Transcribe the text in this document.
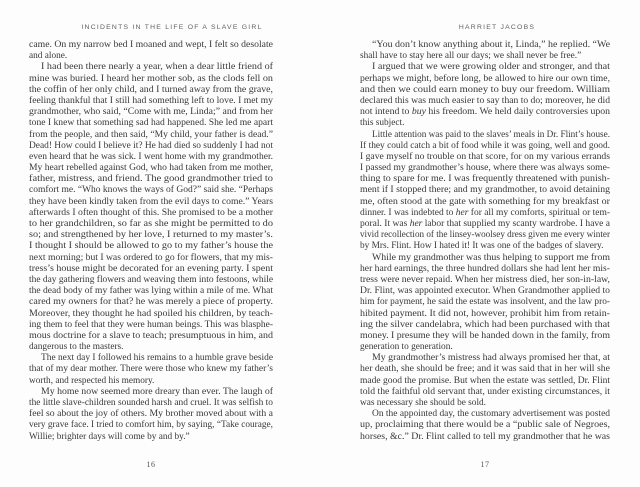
INCIDENTS IN THE LIFE OF A SLAVE GIRL	HARRIET JACOBS
came. On my narrow bed I moaned and wept, I felt so desolate
and alone.
I had been there nearly a year, when a dear little friend of
mine was buried. I heard her mother sob, as the clods fell on
the coffin of her only child, and I turned away from the grave,
feeling thankful that I still had something left to love. I met my
grandmother, who said, “Come with me, Linda;” and from her
tone I knew that something sad had happened. She led me apart
from the people, and then said, “My child, your father is dead.”
Dead! How could I believe it? He had died so suddenly I had not
even heard that he was sick. I went home with my grandmother.
My heart rebelled against God, who had taken from me mother,
father, mistress, and friend. The good grandmother tried to
comfort me. “Who knows the ways of God?” said she. “Perhaps
they have been kindly taken from the evil days to come.” Years
afterwards I often thought of this. She promised to be a mother
to her grandchildren, so far as she might be permitted to do
so; and strengthened by her love, I returned to my master’s.
I thought I should be allowed to go to my father’s house the
next morning; but I was ordered to go for flowers, that my mis-
tress’s house might be decorated for an evening party. I spent
the day gathering flowers and weaving them into festoons, while
the dead body of my father was lying within a mile of me. What
cared my owners for that? he was merely a piece of property.
Moreover, they thought he had spoiled his children, by teach-
ing them to feel that they were human beings. This was blasphe-
mous doctrine for a slave to teach; presumptuous in him, and
dangerous to the masters.
The next day I followed his remains to a humble grave beside
that of my dear mother. There were those who knew my father’s
worth, and respected his memory.
My home now seemed more dreary than ever. The laugh of
the little slave-children sounded harsh and cruel. It was selfish to
feel so about the joy of others. My brother moved about with a
very grave face. I tried to comfort him, by saying, “Take courage,
Willie; brighter days will come by and by.”
“You don’t know anything about it, Linda,” he replied. “We
shall have to stay here all our days; we shall never be free.”
I argued that we were growing older and stronger, and that
perhaps we might, before long, be allowed to hire our own time,
and then we could earn money to buy our freedom. William
declared this was much easier to say than to do; moreover, he did
not intend to buy his freedom. We held daily controversies upon
this subject.
Little attention was paid to the slaves’ meals in Dr. Flint’s house.
If they could catch a bit of food while it was going, well and good.
I gave myself no trouble on that score, for on my various errands
I passed my grandmother’s house, where there was always some-
thing to spare for me. I was frequently threatened with punish-
ment if I stopped there; and my grandmother, to avoid detaining
me, often stood at the gate with something for my breakfast or
dinner. I was indebted to her for all my comforts, spiritual or tem-
poral. It was her labor that supplied my scanty wardrobe. I have a
vivid recollection of the linsey-woolsey dress given me every winter
by Mrs. Flint. How I hated it! It was one of the badges of slavery.
While my grandmother was thus helping to support me from
her hard earnings, the three hundred dollars she had lent her mis-
tress were never repaid. When her mistress died, her son-in-law,
Dr. Flint, was appointed executor. When Grandmother applied to
him for payment, he said the estate was insolvent, and the law pro-
hibited payment. It did not, however, prohibit him from retain-
ing the silver candelabra, which had been purchased with that
money. I presume they will be handed down in the family, from
generation to generation.
My grandmother’s mistress had always promised her that, at
her death, she should be free; and it was said that in her will she
made good the promise. But when the estate was settled, Dr. Flint
told the faithful old servant that, under existing circumstances, it
was necessary she should be sold.
On the appointed day, the customary advertisement was posted
up, proclaiming that there would be a “public sale of Negroes,
horses, &c.” Dr. Flint called to tell my grandmother that he was
16	17
